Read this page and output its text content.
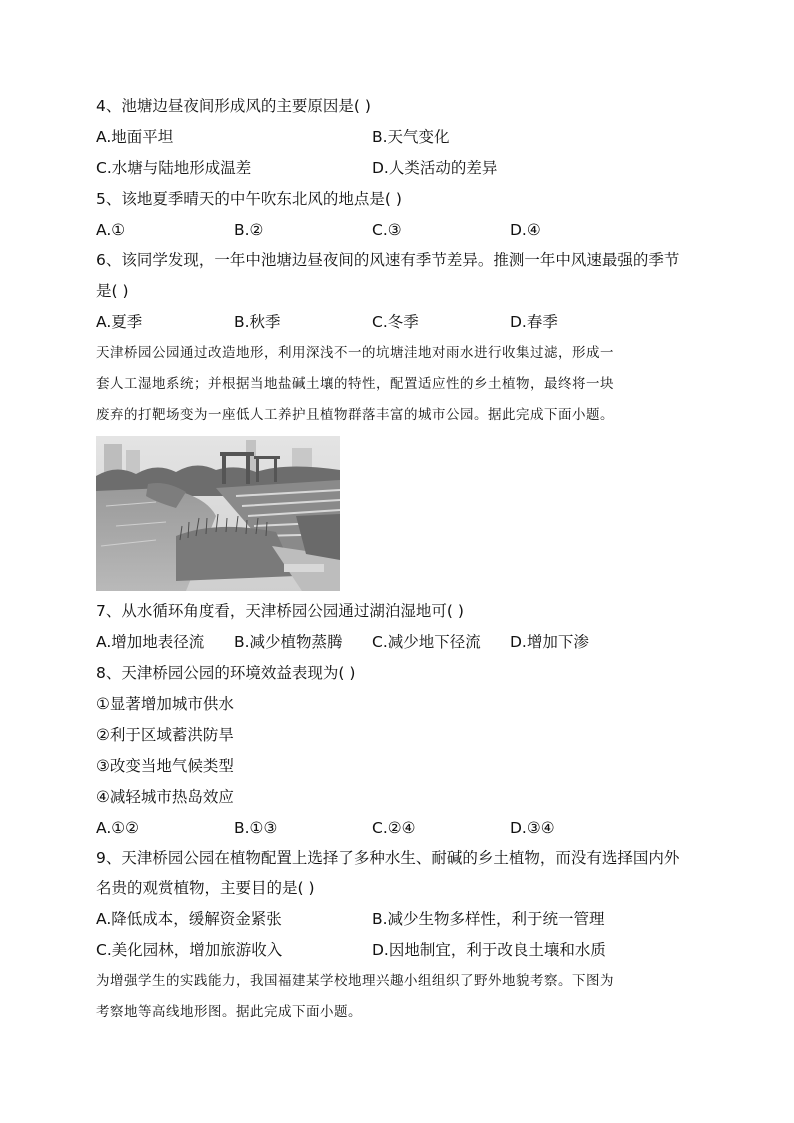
4、池塘边昼夜间形成风的主要原因是( )
A.地面平坦	B.天气变化
C.水塘与陆地形成温差	D.人类活动的差异
5、该地夏季晴天的中午吹东北风的地点是( )
A.①	B.②	C.③	D.④
6、该同学发现，一年中池塘边昼夜间的风速有季节差异。推测一年中风速最强的季节
是( )
A.夏季	B.秋季	C.冬季	D.春季
天津桥园公园通过改造地形，利用深浅不一的坑塘洼地对雨水进行收集过滤，形成一
套人工湿地系统；并根据当地盐碱土壤的特性，配置适应性的乡土植物，最终将一块
废弃的打靶场变为一座低人工养护且植物群落丰富的城市公园。据此完成下面小题。
7、从水循环角度看，天津桥园公园通过湖泊湿地可( )
A.增加地表径流 B.减少植物蒸腾 C.减少地下径流 D.增加下渗
8、天津桥园公园的环境效益表现为( )
①显著增加城市供水
②利于区域蓄洪防旱
③改变当地气候类型
④减轻城市热岛效应
A.①②	B.①③	C.②④	D.③④
9、天津桥园公园在植物配置上选择了多种水生、耐碱的乡土植物，而没有选择国内外
名贵的观赏植物，主要目的是( )
A.降低成本，缓解资金紧张	B.减少生物多样性，利于统一管理
C.美化园林，增加旅游收入	D.因地制宜，利于改良土壤和水质
为增强学生的实践能力，我国福建某学校地理兴趣小组组织了野外地貌考察。下图为
考察地等高线地形图。据此完成下面小题。
